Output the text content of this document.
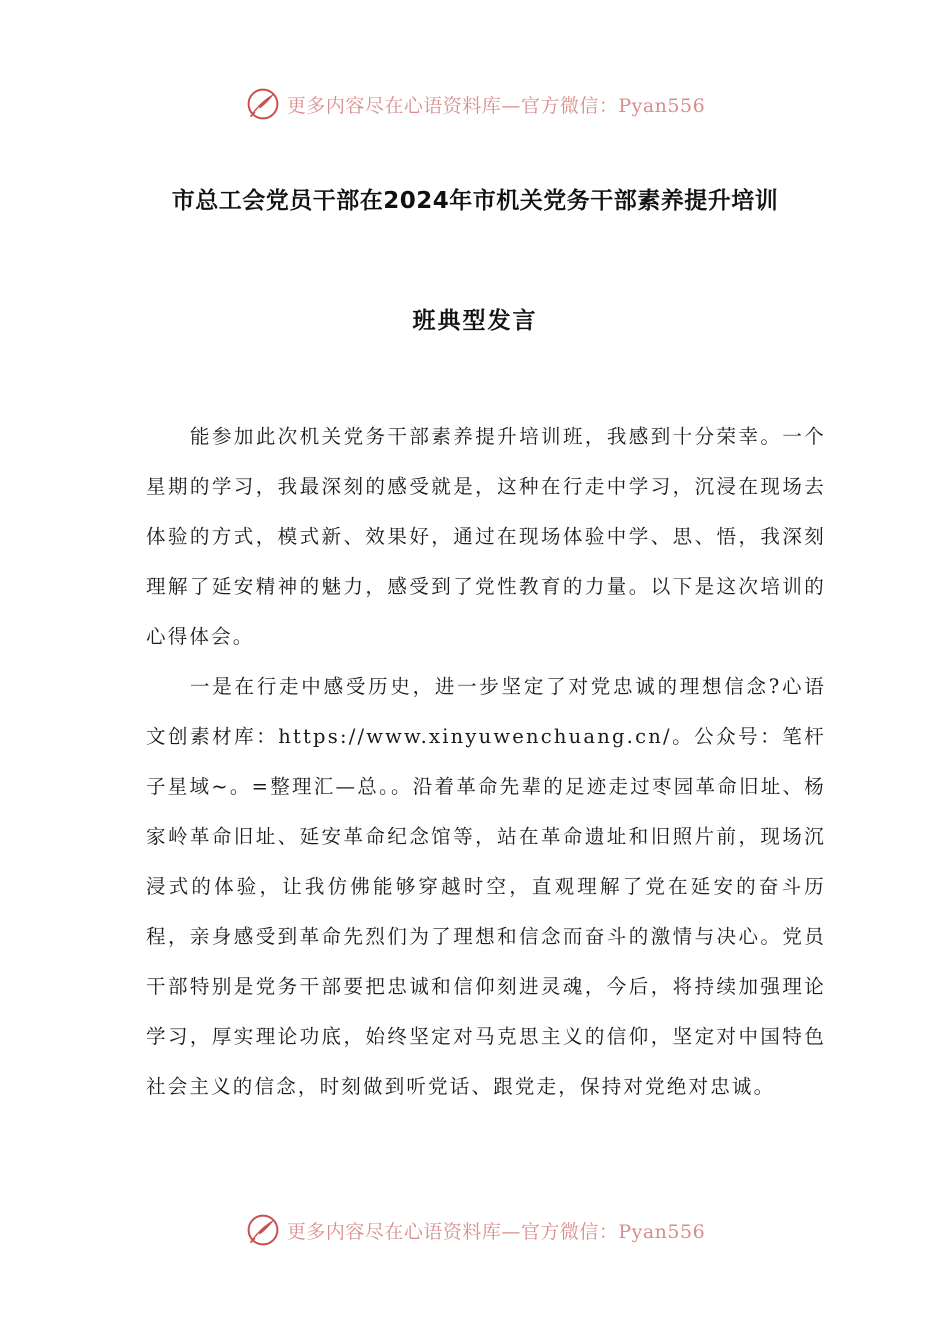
更多内容尽在心语资料库—官方微信：Pyan556
市总工会党员干部在2024年市机关党务干部素养提升培训
班典型发言

能参加此次机关党务干部素养提升培训班，我感到十分荣幸。一个星期的学习，我最深刻的感受就是，这种在行走中学习，沉浸在现场去体验的方式，模式新、效果好，通过在现场体验中学、思、悟，我深刻理解了延安精神的魅力，感受到了党性教育的力量。以下是这次培训的心得体会。

一是在行走中感受历史，进一步坚定了对党忠诚的理想信念?心语文创素材库：https://www.xinyuwenchuang.cn/。公众号：笔杆子星域~。=整理汇—总。。沿着革命先辈的足迹走过枣园革命旧址、杨家岭革命旧址、延安革命纪念馆等，站在革命遗址和旧照片前，现场沉浸式的体验，让我仿佛能够穿越时空，直观理解了党在延安的奋斗历程，亲身感受到革命先烈们为了理想和信念而奋斗的激情与决心。党员干部特别是党务干部要把忠诚和信仰刻进灵魂，今后，将持续加强理论学习，厚实理论功底，始终坚定对马克思主义的信仰，坚定对中国特色社会主义的信念，时刻做到听党话、跟党走，保持对党绝对忠诚。

更多内容尽在心语资料库—官方微信：Pyan556
